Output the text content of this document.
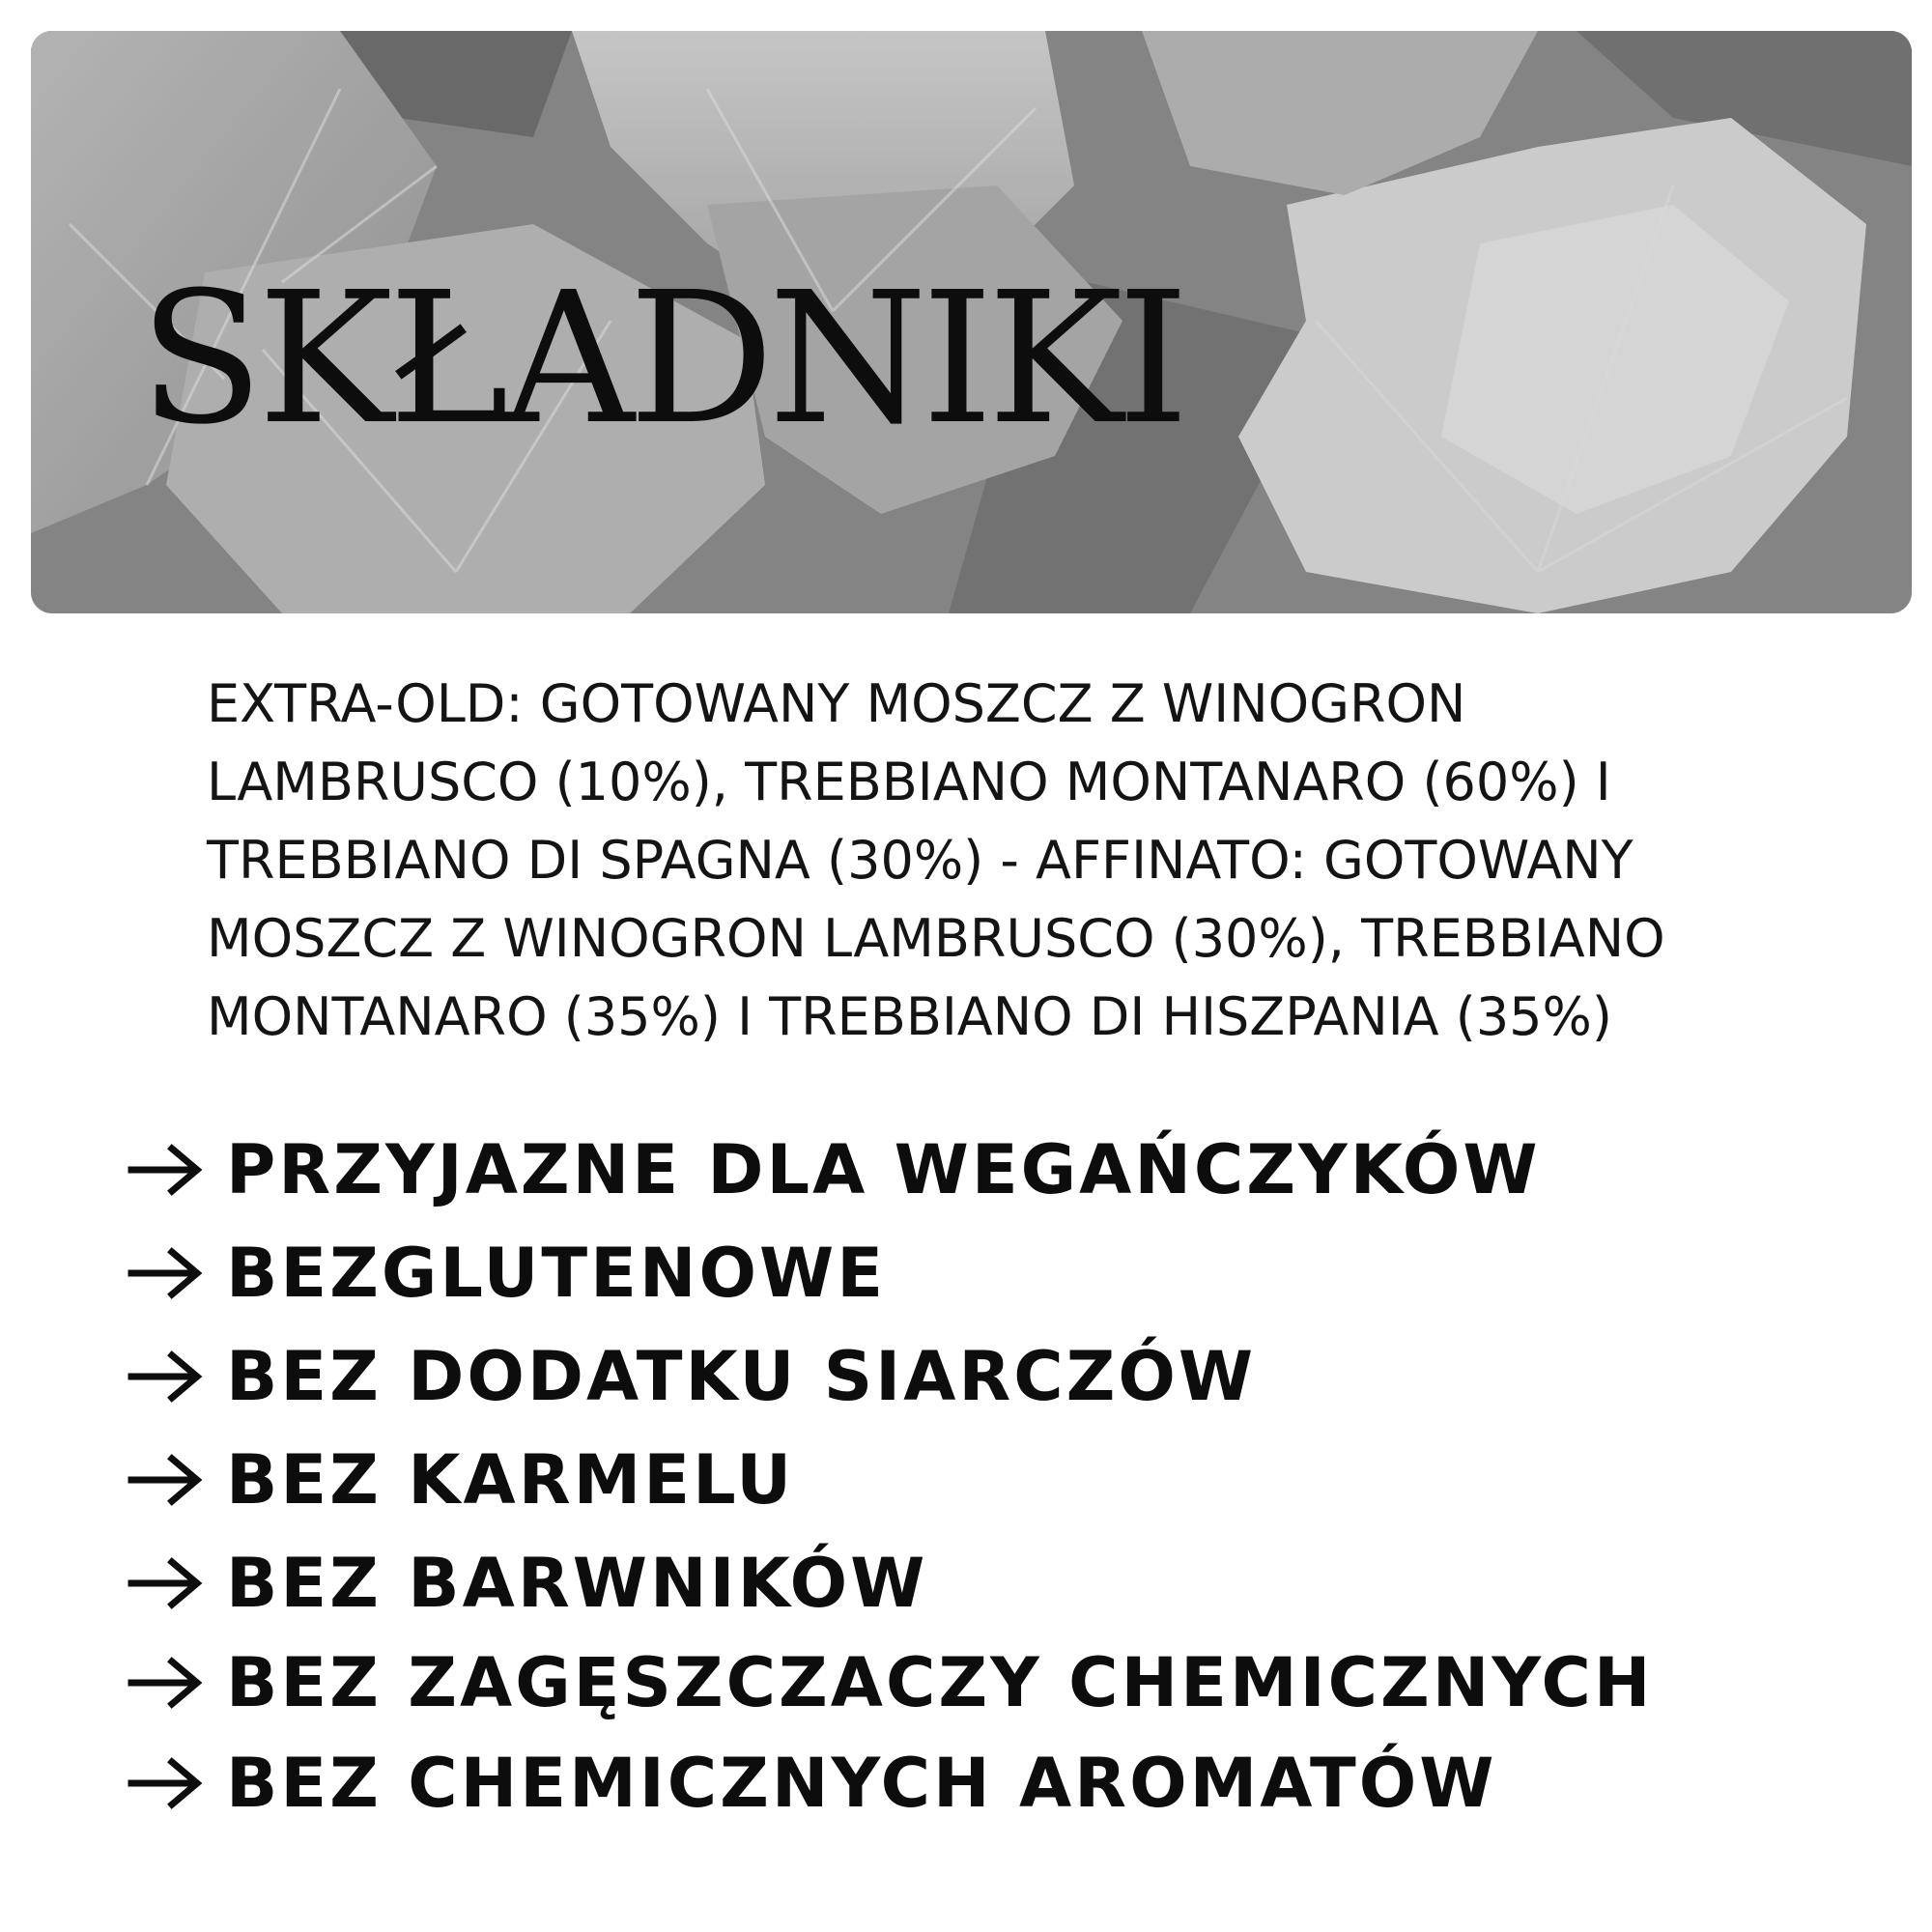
SKŁADNIKI

EXTRA-OLD: GOTOWANY MOSZCZ Z WINOGRON LAMBRUSCO (10%), TREBBIANO MONTANARO (60%) I TREBBIANO DI SPAGNA (30%) - AFFINATO: GOTOWANY MOSZCZ Z WINOGRON LAMBRUSCO (30%), TREBBIANO MONTANARO (35%) I TREBBIANO DI HISZPANIA (35%)

PRZYJAZNE DLA WEGAŃCZYKÓW
BEZGLUTENOWE
BEZ DODATKU SIARCZÓW
BEZ KARMELU
BEZ BARWNIKÓW
BEZ ZAGĘSZCZACZY CHEMICZNYCH
BEZ CHEMICZNYCH AROMATÓW
